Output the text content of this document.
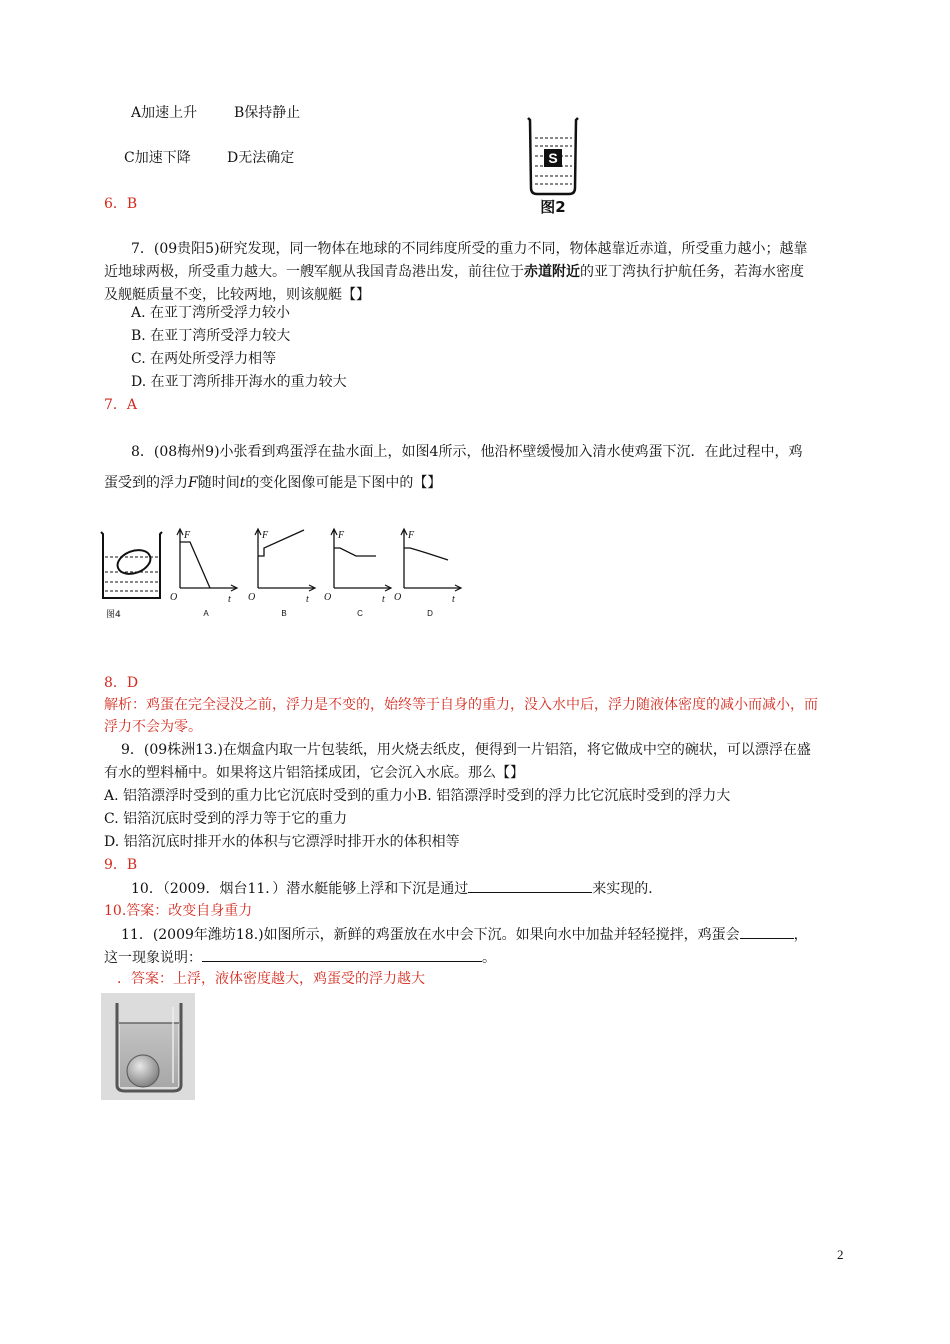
A加速上升	B保持静止
C加速下降	D无法确定
6．B
S
图2
7．(09贵阳5)研究发现，同一物体在地球的不同纬度所受的重力不同，物体越靠近赤道，所受重力越小；越靠
近地球两极，所受重力越大。一艘军舰从我国青岛港出发，前往位于赤道附近的亚丁湾执行护航任务，若海水密度
及舰艇质量不变，比较两地，则该舰艇【】
A. 在亚丁湾所受浮力较小
B. 在亚丁湾所受浮力较大
C. 在两处所受浮力相等
D. 在亚丁湾所排开海水的重力较大
7．A
8．(08梅州9)小张看到鸡蛋浮在盐水面上，如图4所示，他沿杯壁缓慢加入清水使鸡蛋下沉．在此过程中，鸡
蛋受到的浮力F随时间t的变化图像可能是下图中的【】
图4
F
t
O
A
F
t
O
B
F
t
O
C
F
t
O
D
8．D
解析：鸡蛋在完全浸没之前，浮力是不变的，始终等于自身的重力，没入水中后，浮力随液体密度的减小而减小，而
浮力不会为零。
9．(09株洲13.)在烟盒内取一片包装纸，用火烧去纸皮，便得到一片铝箔，将它做成中空的碗状，可以漂浮在盛
有水的塑料桶中。如果将这片铝箔揉成团，它会沉入水底。那么【】
A. 铝箔漂浮时受到的重力比它沉底时受到的重力小B. 铝箔漂浮时受到的浮力比它沉底时受到的浮力大
C. 铝箔沉底时受到的浮力等于它的重力
D. 铝箔沉底时排开水的体积与它漂浮时排开水的体积相等
9．B
10．（2009．烟台11．）潜水艇能够上浮和下沉是通过	来实现的．
10.答案：改变自身重力
11．(2009年潍坊18.)如图所示，新鲜的鸡蛋放在水中会下沉。如果向水中加盐并轻轻搅拌，鸡蛋会	，
这一现象说明：	。
．答案：上浮，液体密度越大，鸡蛋受的浮力越大
2
